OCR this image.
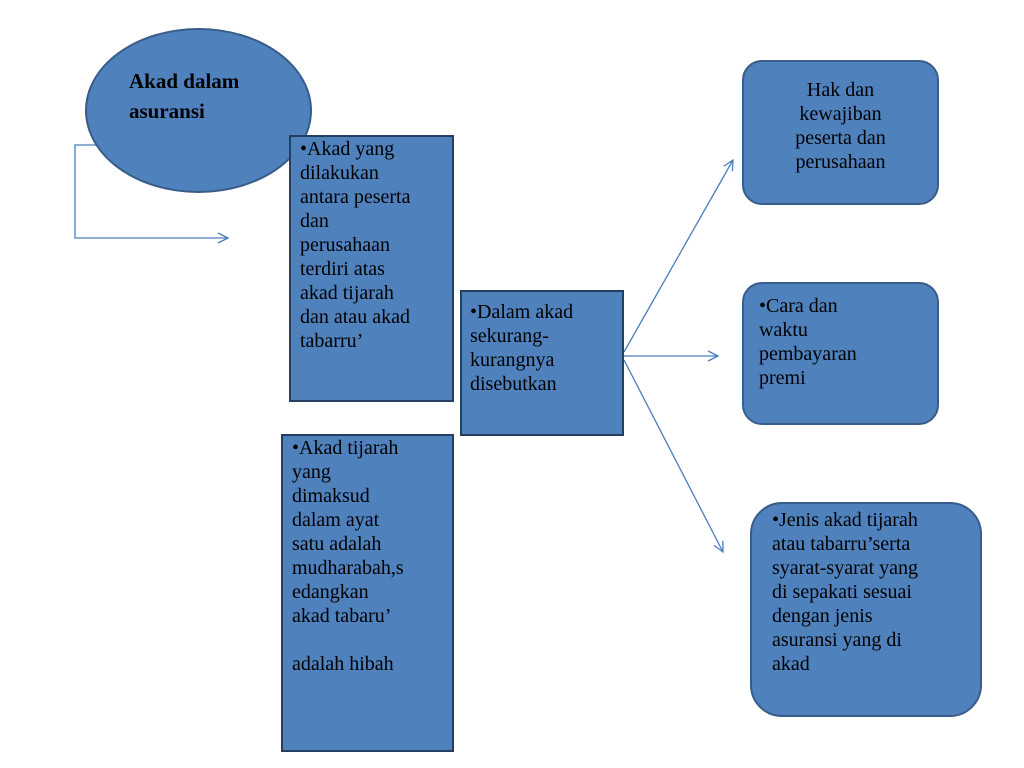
Akad dalam
asuransi
•Akad yang
dilakukan
antara peserta
dan
perusahaan
terdiri atas
akad tijarah
dan atau akad
tabarru’
•Akad tijarah
yang
dimaksud
dalam ayat
satu adalah
mudharabah,s
edangkan
akad tabaru’

adalah hibah
•Dalam akad
sekurang-
kurangnya
disebutkan
Hak dan
kewajiban
peserta dan
perusahaan
•Cara dan
waktu
pembayaran
premi
•Jenis akad tijarah
atau tabarru’serta
syarat-syarat yang
di sepakati sesuai
dengan jenis
asuransi yang di
akad
